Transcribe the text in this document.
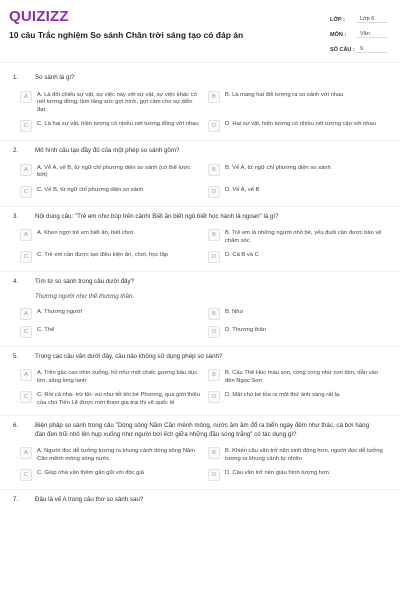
QUIZIZZ
10 câu Trắc nghiệm So sánh Chân trời sáng tạo có đáp án
LỚP :	Lớp 6
MÔN :	Văn
SỐ CÂU : 9
1.	So sánh là gì?
A	A. Là đối chiếu sự vật, sự việc này với sự vật, sự việc khác có nét tương đồng, làm tăng sức gợi hình, gợi cảm cho sự diễn đạt
B	B. Là mang hai đối tượng ra so sánh với nhau
C	C. Là hai sự vật, hiện tượng có nhiều nét tương đồng với nhau	D	D. Hai sự vật, hiện tượng có nhiều nét tương cận với nhau
2.	Mô hình cấu tạo đầy đủ của một phép so sánh gồm?
A	A. Vế A, vế B, từ ngữ chỉ phương diện so sánh (có thể lược bớt)
B	B. Vế A, từ ngữ chỉ phương diện so sánh
C	C. Vế B, từ ngữ chỉ phương diện so sánh	D	D. Vế A, vế B
3.	Nội dung câu: "Trẻ em như búp trên cành/ Biết ăn biết ngủ biết học hành là ngoan" là gì?
A	A. Khen ngợi trẻ em biết ăn, biết chơi	B	B. Trẻ em là những người nhỏ bé, yếu đuối cần được bảo vệ chăm sóc
C	C. Trẻ em cần được tạo điều kiện ăn, chơi, học tập	D	D. Cả B và C
4.	Tìm từ so sánh trong câu dưới đây?
Thương người như thể thương thân.
A	A. Thương người	B	B. Như
C	C. Thể	D	D. Thương thân
5.	Trong các câu văn dưới đây, câu nào không sử dụng phép so sánh?
A	A. Trên gác cao nhìn xuống, hồ như một chiếc gương bầu dục lớn, sáng long lanh
B	B. Cầu Thê Húc màu son, cong cong như con tôm, dẫn vào đền Ngọc Sơn
C	C. Rồi cả nhà- trừ tôi- vui như tết khi bé Phương, qua giới thiệu của chú Tiến Lê được mời tham gia trại thi vẽ quốc tế
D	D. Mặt chú bé tỏa ra một thứ ánh sáng rất lạ.
6.	Biện pháp so sánh trong câu "Dòng sông Năm Căn mênh mông, nước ầm ầm đổ ra biển ngày đêm như thác, cá bơi hàng đàn đen trũi nhô lên hụp xuống như người bơi ếch giữa những đầu sóng trắng" có tác dụng gì?
A	A. Người đọc dễ tưởng tượng ra khung cảnh dòng sông Năm Căn mênh mông sóng nước
B	B. Khiến câu văn trở nên sinh động hơn, người đọc dễ tưởng tượng ra khung cảnh tự nhiên
C	C. Giúp nhà văn thêm gần gũi với độc giả	D	D. Câu văn trở nên giàu hình tượng hơn.
7.	Đâu là vế A trong câu thơ so sánh sau?
